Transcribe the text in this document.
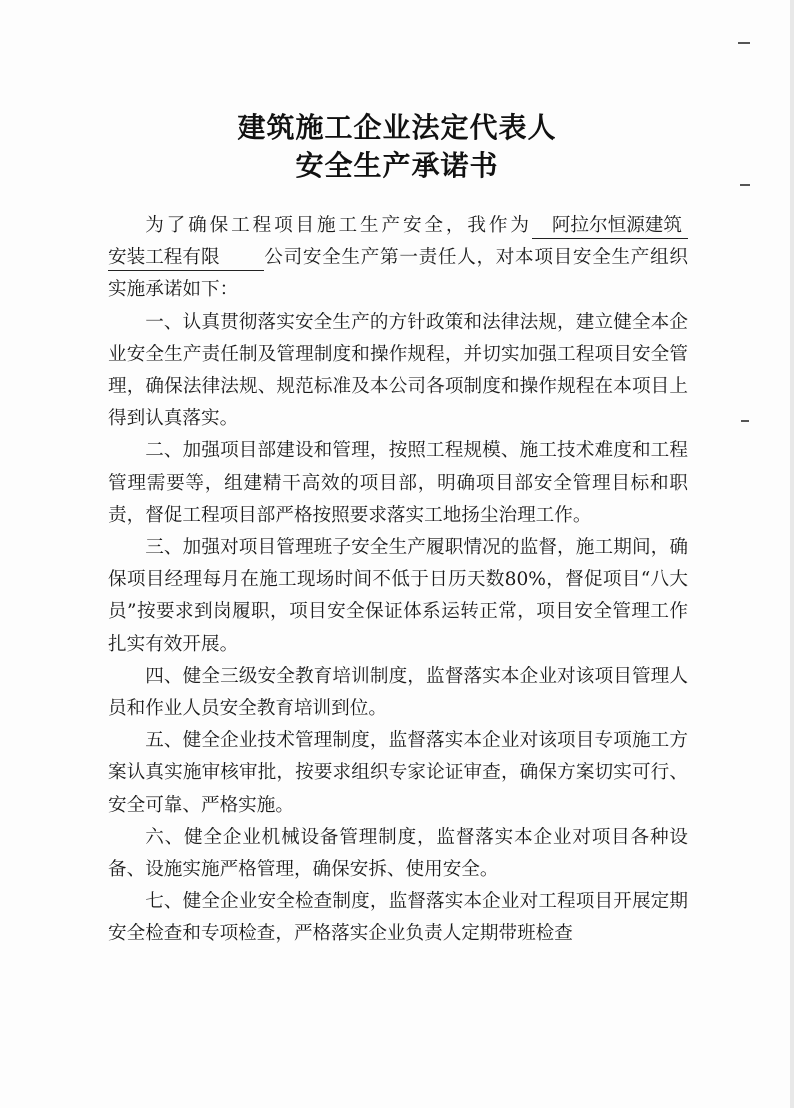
建筑施工企业法定代表人
安全生产承诺书

为了确保工程项目施工生产安全，我作为 阿拉尔恒源建筑安装工程有限 公司安全生产第一责任人，对本项目安全生产组织实施承诺如下：

一、认真贯彻落实安全生产的方针政策和法律法规，建立健全本企业安全生产责任制及管理制度和操作规程，并切实加强工程项目安全管理，确保法律法规、规范标准及本公司各项制度和操作规程在本项目上得到认真落实。

二、加强项目部建设和管理，按照工程规模、施工技术难度和工程管理需要等，组建精干高效的项目部，明确项目部安全管理目标和职责，督促工程项目部严格按照要求落实工地扬尘治理工作。

三、加强对项目管理班子安全生产履职情况的监督，施工期间，确保项目经理每月在施工现场时间不低于日历天数80%，督促项目“八大员”按要求到岗履职，项目安全保证体系运转正常，项目安全管理工作扎实有效开展。

四、健全三级安全教育培训制度，监督落实本企业对该项目管理人员和作业人员安全教育培训到位。

五、健全企业技术管理制度，监督落实本企业对该项目专项施工方案认真实施审核审批，按要求组织专家论证审查，确保方案切实可行、安全可靠、严格实施。

六、健全企业机械设备管理制度，监督落实本企业对项目各种设备、设施实施严格管理，确保安拆、使用安全。

七、健全企业安全检查制度，监督落实本企业对工程项目开展定期安全检查和专项检查，严格落实企业负责人定期带班检查
